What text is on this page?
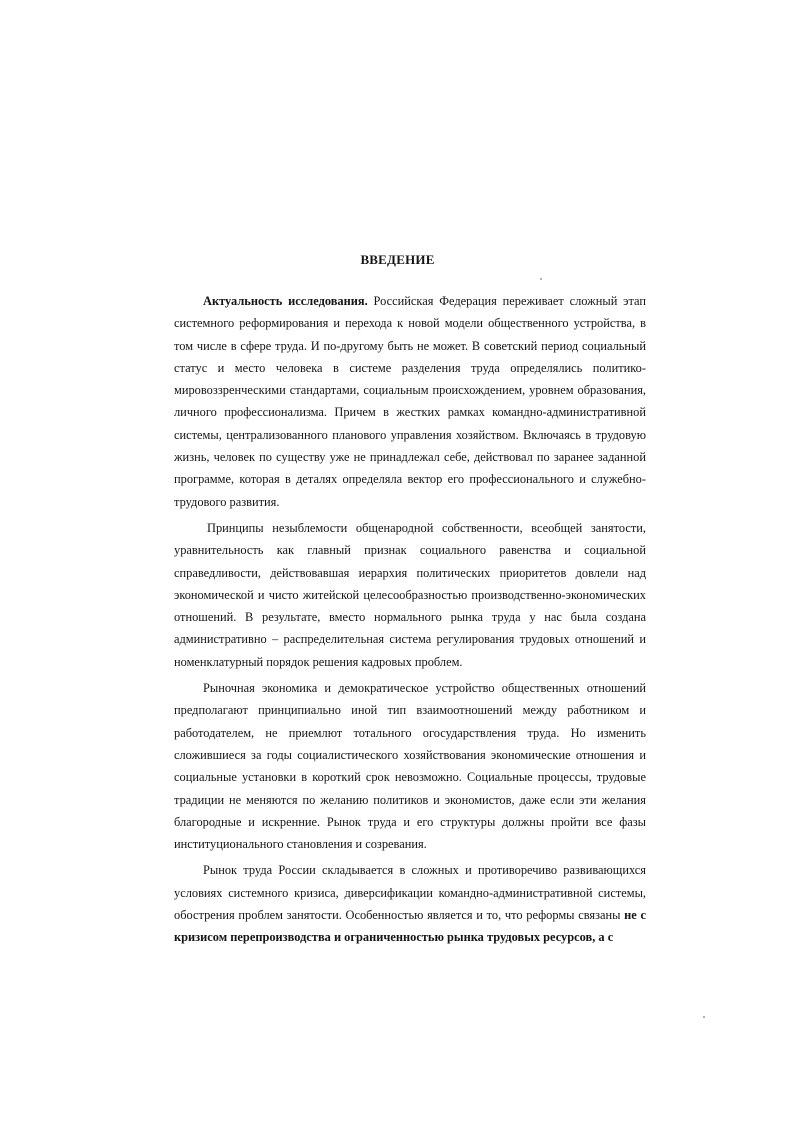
ВВЕДЕНИЕ

Актуальность исследования. Российская Федерация переживает сложный этап системного реформирования и перехода к новой модели общественного устройства, в том числе в сфере труда. И по-другому быть не может. В советский период социальный статус и место человека в системе разделения труда определялись политико-мировоззренческими стандартами, социальным происхождением, уровнем образования, личного профессионализма. Причем в жестких рамках командно-административной системы, централизованного планового управления хозяйством. Включаясь в трудовую жизнь, человек по существу уже не принадлежал себе, действовал по заранее заданной программе, которая в деталях определяла вектор его профессионального и служебно-трудового развития.

Принципы незыблемости общенародной собственности, всеобщей занятости, уравнительность как главный признак социального равенства и социальной справедливости, действовавшая иерархия политических приоритетов довлели над экономической и чисто житейской целесообразностью производственно-экономических отношений. В результате, вместо нормального рынка труда у нас была создана административно – распределительная система регулирования трудовых отношений и номенклатурный порядок решения кадровых проблем.

Рыночная экономика и демократическое устройство общественных отношений предполагают принципиально иной тип взаимоотношений между работником и работодателем, не приемлют тотального огосударствления труда. Но изменить сложившиеся за годы социалистического хозяйствования экономические отношения и социальные установки в короткий срок невозможно. Социальные процессы, трудовые традиции не меняются по желанию политиков и экономистов, даже если эти желания благородные и искренние. Рынок труда и его структуры должны пройти все фазы институционального становления и созревания.

Рынок труда России складывается в сложных и противоречиво развивающихся условиях системного кризиса, диверсификации командно-административной системы, обострения проблем занятости. Особенностью является и то, что реформы связаны не с кризисом перепроизводства и ограниченностью рынка трудовых ресурсов, а с
